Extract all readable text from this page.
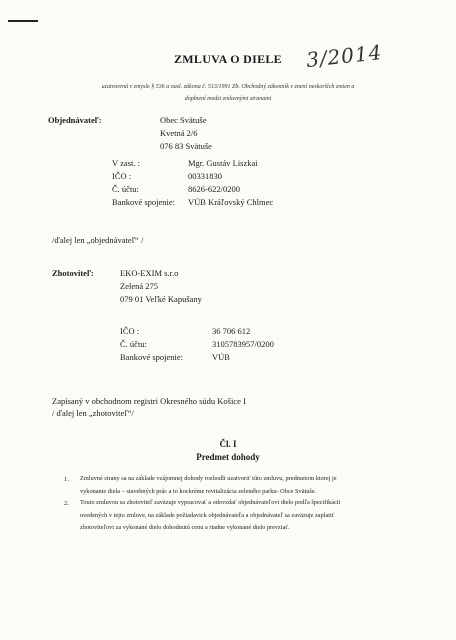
ZMLUVA O DIELE	3/2014
uzatvorená v zmysle § 536 a nasl. zákona č. 513/1991 Zb. Obchodný zákonník v znení neskorších zmien a
doplnení medzi zmluvnými stranami
Objednávateľ:	Obec Svätuše
Kvetná 2/6
076 83 Svätuše
V zast. :	Mgr. Gustáv Liszkai
IČO :	00331830
Č. účtu:	8626-622/0200
Bankové spojenie: VÚB Kráľovský Chlmec
/ďalej len „objednávateľ“ /
Zhotoviteľ:	EKO-EXIM s.r.o
Zelená 275
079 01 Veľké Kapušany
IČO :	36 706 612
Č. účtu:	3105783957/0200
Bankové spojenie:	VÚB
Zapísaný v obchodnom registri Okresného súdu Košice I
/ ďalej len „zhotoviteľ“/
Čl. I
Predmet dohody
1. Zmluvné strany sa na základe vzájomnej dohody rozhodli uzatvoriť túto zmluvu, predmetom ktorej je
vykonanie diela – stavebných prác a to kockréme revitalizácia zeleného parku- Obce Svätuše.
2. Touto zmluvou sa zhotoviteľ zaväzuje vypracovať a odovzdať objednávateľovi dielo podľa špecifikácii
uvedených v tejto zmluve, na základe požiadavick objednávateľa a objednávateľ sa zaväzuje zaplatiť
zhotoviteľovi za vykonané dielo dohodnutú cenu a riadne vykonané dielo prevziať.
